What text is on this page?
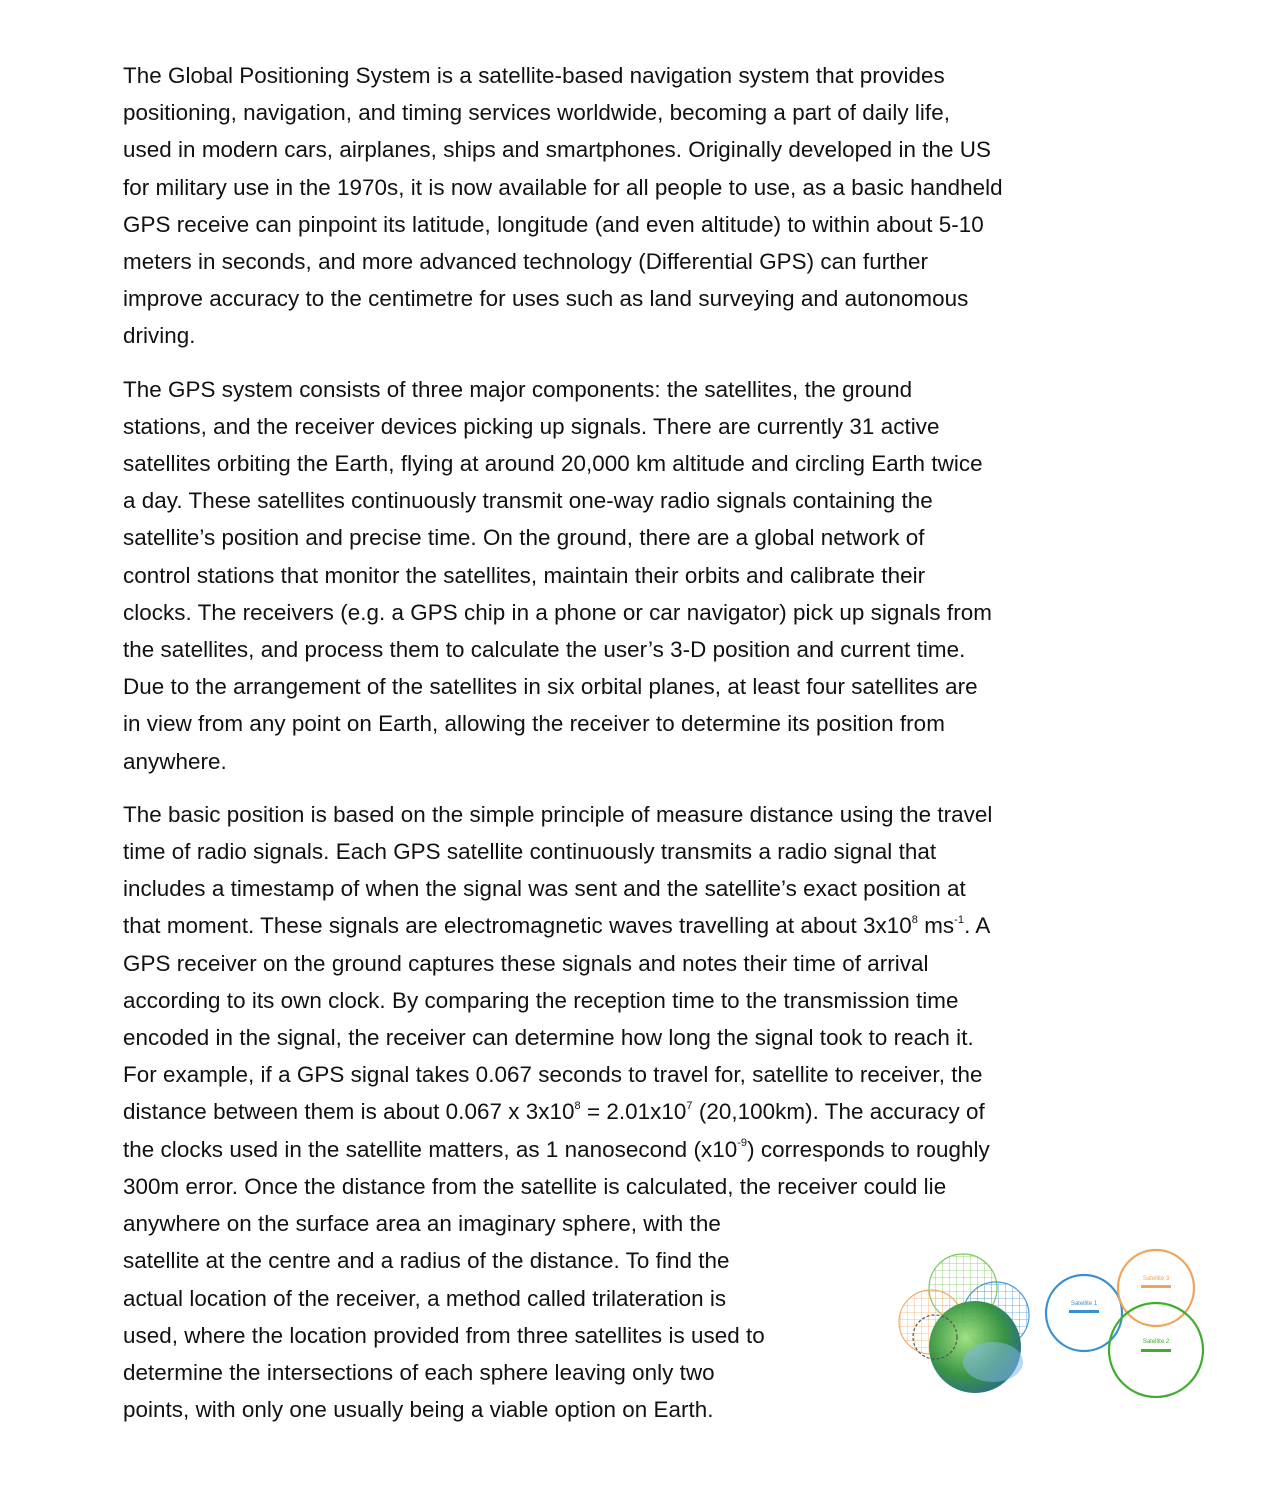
The Global Positioning System is a satellite-based navigation system that provides
positioning, navigation, and timing services worldwide, becoming a part of daily life,
used in modern cars, airplanes, ships and smartphones. Originally developed in the US
for military use in the 1970s, it is now available for all people to use, as a basic handheld
GPS receive can pinpoint its latitude, longitude (and even altitude) to within about 5-10
meters in seconds, and more advanced technology (Differential GPS) can further
improve accuracy to the centimetre for uses such as land surveying and autonomous
driving.

The GPS system consists of three major components: the satellites, the ground
stations, and the receiver devices picking up signals. There are currently 31 active
satellites orbiting the Earth, flying at around 20,000 km altitude and circling Earth twice
a day. These satellites continuously transmit one-way radio signals containing the
satellite’s position and precise time. On the ground, there are a global network of
control stations that monitor the satellites, maintain their orbits and calibrate their
clocks. The receivers (e.g. a GPS chip in a phone or car navigator) pick up signals from
the satellites, and process them to calculate the user’s 3-D position and current time.
Due to the arrangement of the satellites in six orbital planes, at least four satellites are
in view from any point on Earth, allowing the receiver to determine its position from
anywhere.

The basic position is based on the simple principle of measure distance using the travel
time of radio signals. Each GPS satellite continuously transmits a radio signal that
includes a timestamp of when the signal was sent and the satellite’s exact position at
that moment. These signals are electromagnetic waves travelling at about $3x10^8$ $ms^{-1}$. A
GPS receiver on the ground captures these signals and notes their time of arrival
according to its own clock. By comparing the reception time to the transmission time
encoded in the signal, the receiver can determine how long the signal took to reach it.
For example, if a GPS signal takes 0.067 seconds to travel for, satellite to receiver, the
distance between them is about 0.067 x $3x10^8 = 2.01x10^7$ (20,100km). The accuracy of
the clocks used in the satellite matters, as 1 nanosecond $(x10^{-9})$ corresponds to roughly
300m error. Once the distance from the satellite is calculated, the receiver could lie
anywhere on the surface area an imaginary sphere, with the
satellite at the centre and a radius of the distance. To find the
actual location of the receiver, a method called trilateration is
used, where the location provided from three satellites is used to
determine the intersections of each sphere leaving only two
points, with only one usually being a viable option on Earth.

Satellite 1
Satellite 3
Satellite 2
